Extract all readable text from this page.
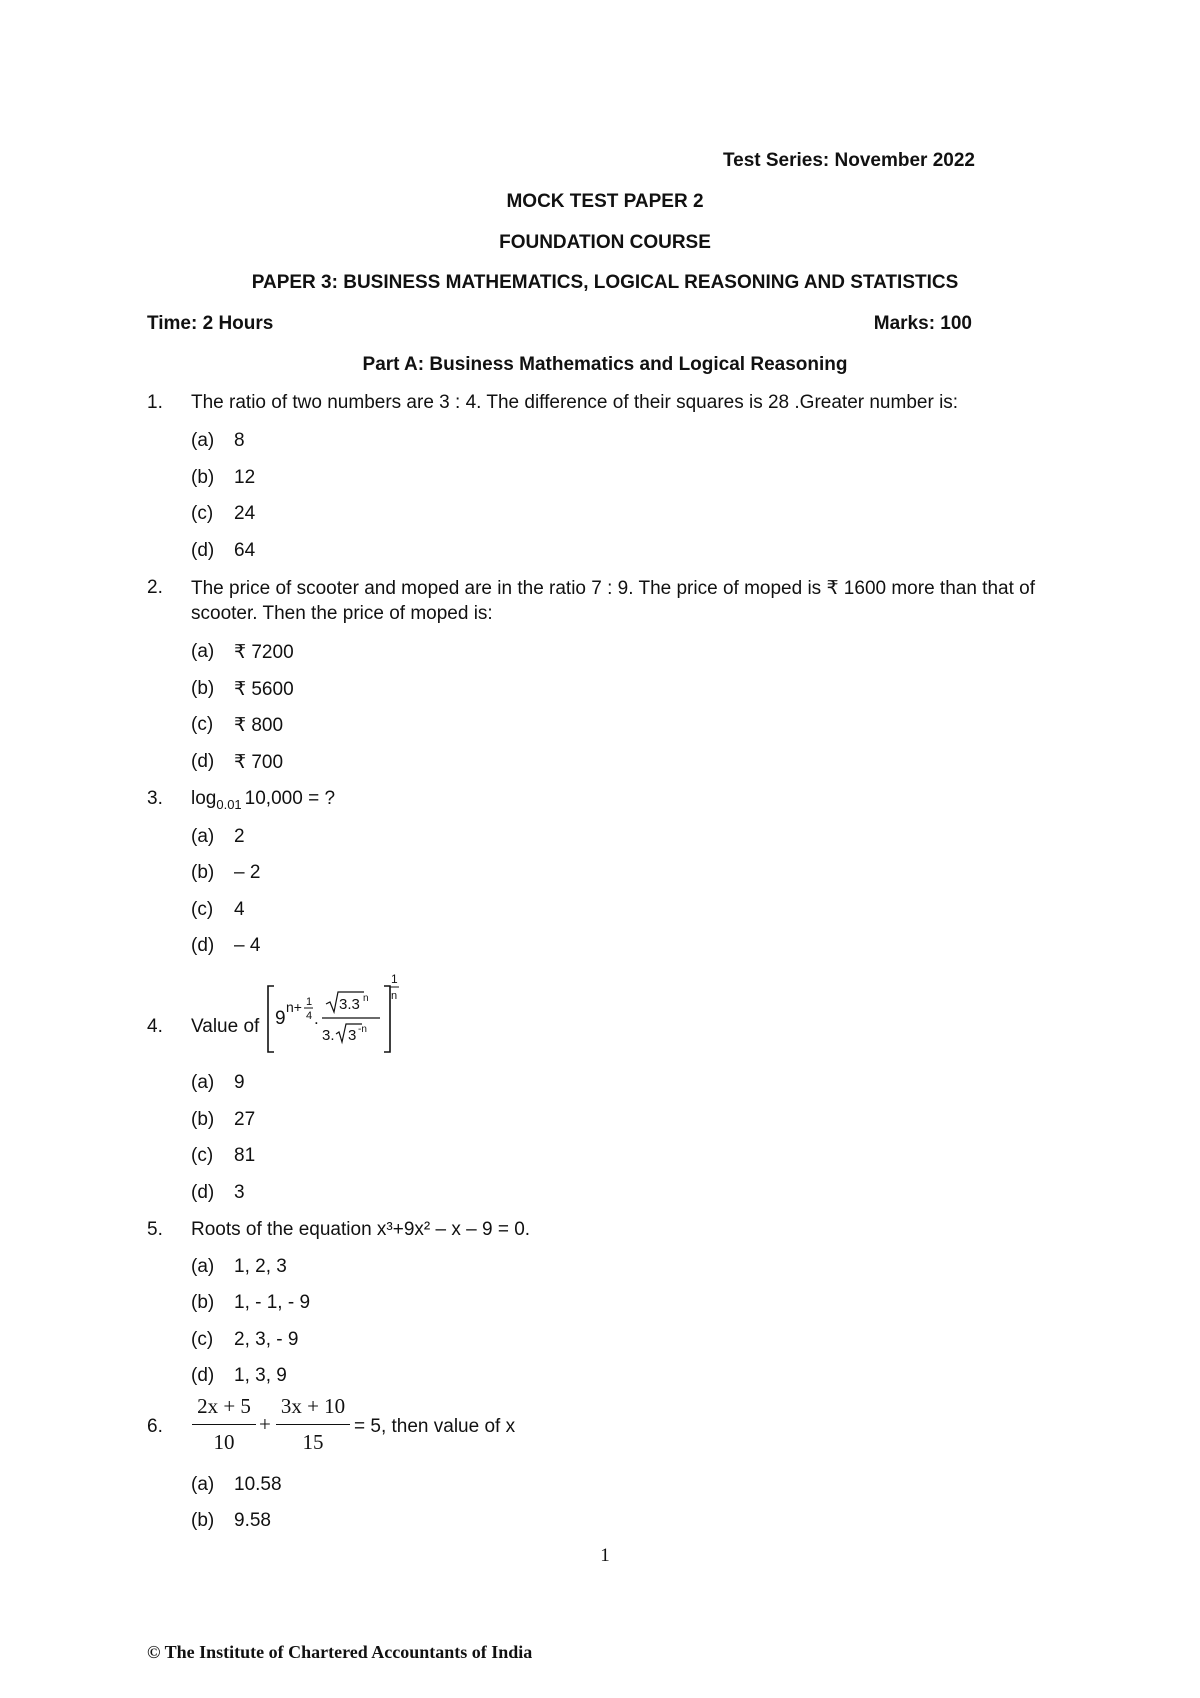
Test Series: November 2022
MOCK TEST PAPER 2
FOUNDATION COURSE
PAPER 3: BUSINESS MATHEMATICS, LOGICAL REASONING AND STATISTICS
Time: 2 Hours	Marks: 100
Part A: Business Mathematics and Logical Reasoning
1. The ratio of two numbers are 3 : 4. The difference of their squares is 28 .Greater number is:
(a) 8
(b) 12
(c) 24
(d) 64
2. The price of scooter and moped are in the ratio 7 : 9. The price of moped is ₹ 1600 more than that of
scooter. Then the price of moped is:
(a) ₹ 7200
(b) ₹ 5600
(c) ₹ 800
(d) ₹ 700
3. $\log_{0.01} 10,000$ = ?
(a) 2
(b) – 2
(c) 4
(d) – 4
4. Value of 9
n+ 1
4 .
3.3 n
3. 3 -n
1
n
(a) 9
(b) 27
(c) 81
(d) 3
5. Roots of the equation x³+9x² – x – 9 = 0.
(a) 1, 2, 3
(b) 1, - 1, - 9
(c) 2, 3, - 9
(d) 1, 3, 9
6.
2x + 5
10
+
3x + 10
15
= 5, then value of x
(a) 10.58
(b) 9.58
1
© The Institute of Chartered Accountants of India
